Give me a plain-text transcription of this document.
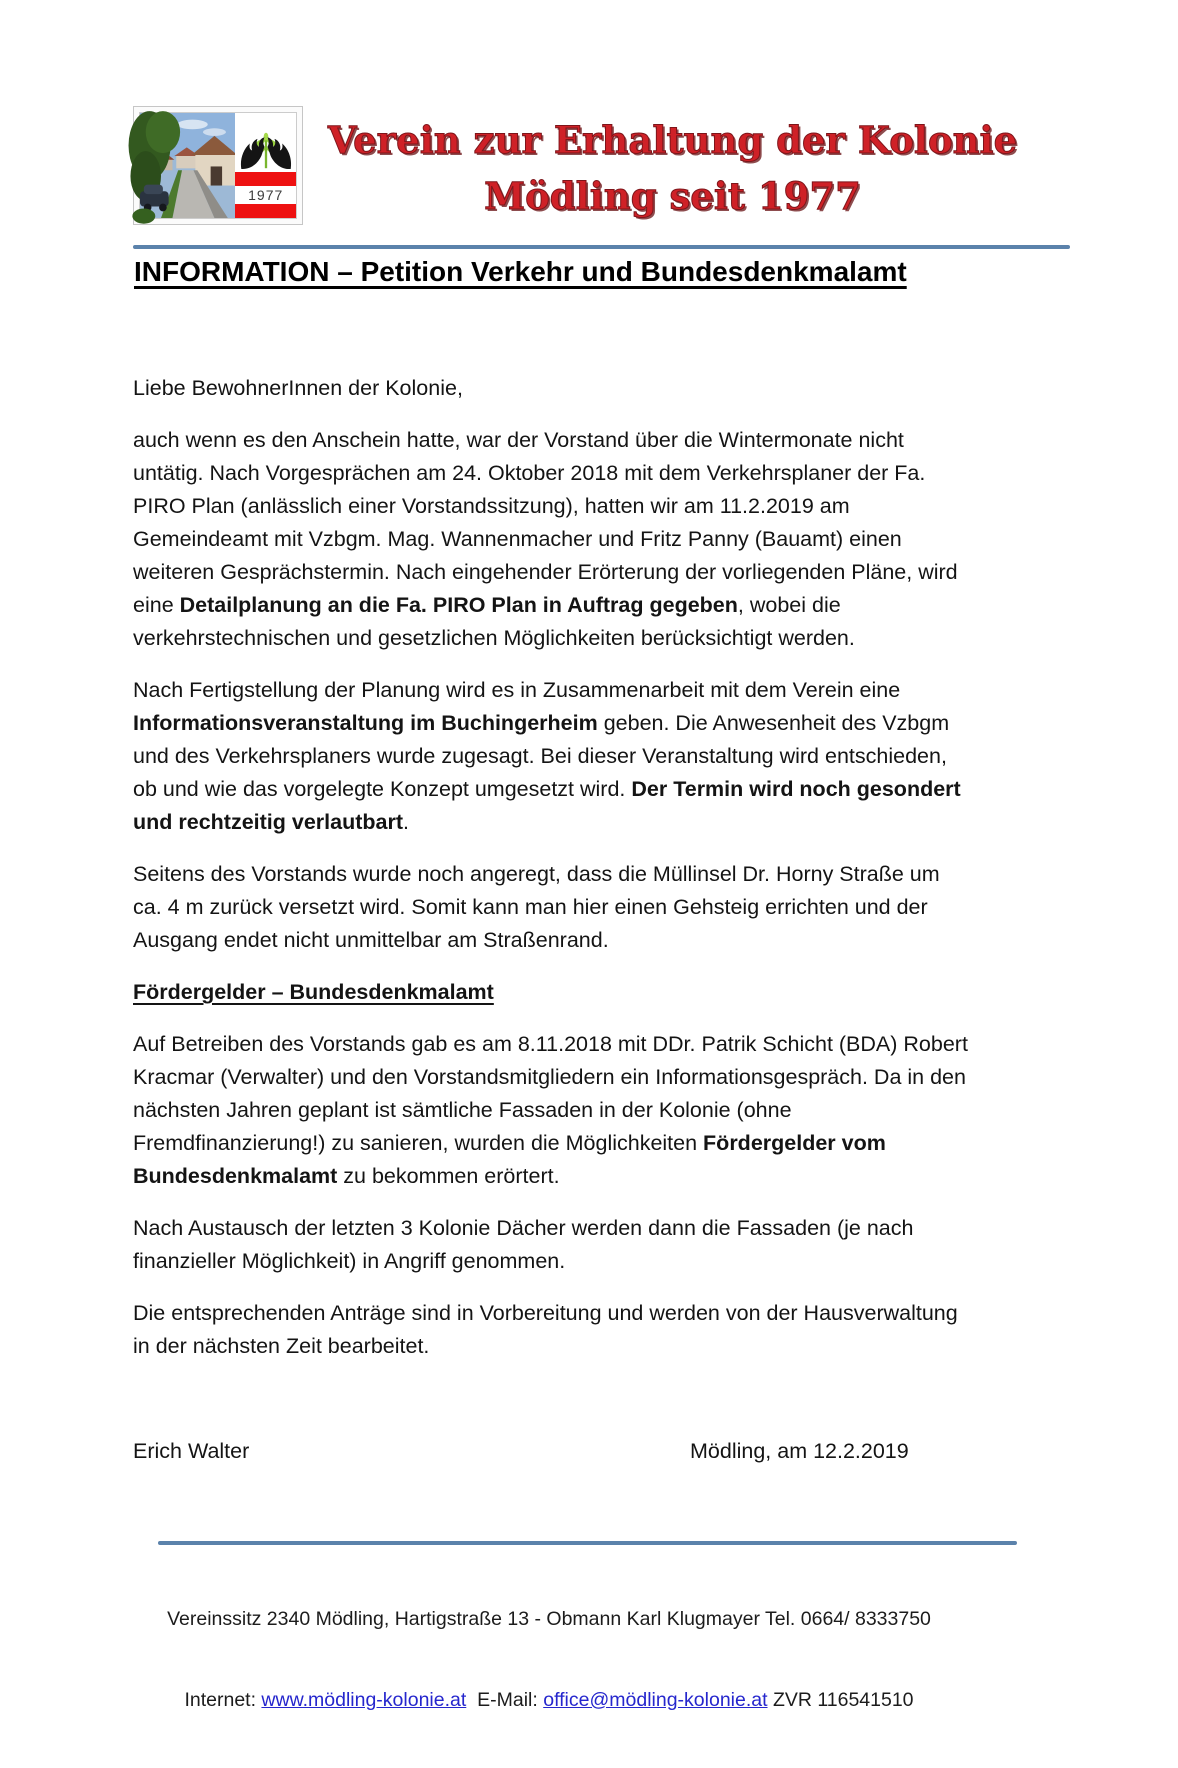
1977
Verein zur Erhaltung der Kolonie
Mödling seit 1977
INFORMATION – Petition Verkehr und Bundesdenkmalamt

Liebe BewohnerInnen der Kolonie,

auch wenn es den Anschein hatte, war der Vorstand über die Wintermonate nicht untätig. Nach Vorgesprächen am 24. Oktober 2018 mit dem Verkehrsplaner der Fa. PIRO Plan (anlässlich einer Vorstandssitzung), hatten wir am 11.2.2019 am Gemeindeamt mit Vzbgm. Mag. Wannenmacher und Fritz Panny (Bauamt) einen weiteren Gesprächstermin. Nach eingehender Erörterung der vorliegenden Pläne, wird eine Detailplanung an die Fa. PIRO Plan in Auftrag gegeben, wobei die verkehrstechnischen und gesetzlichen Möglichkeiten berücksichtigt werden.

Nach Fertigstellung der Planung wird es in Zusammenarbeit mit dem Verein eine Informationsveranstaltung im Buchingerheim geben. Die Anwesenheit des Vzbgm und des Verkehrsplaners wurde zugesagt. Bei dieser Veranstaltung wird entschieden, ob und wie das vorgelegte Konzept umgesetzt wird. Der Termin wird noch gesondert und rechtzeitig verlautbart.

Seitens des Vorstands wurde noch angeregt, dass die Müllinsel Dr. Horny Straße um ca. 4 m zurück versetzt wird. Somit kann man hier einen Gehsteig errichten und der Ausgang endet nicht unmittelbar am Straßenrand.

Fördergelder – Bundesdenkmalamt

Auf Betreiben des Vorstands gab es am 8.11.2018 mit DDr. Patrik Schicht (BDA) Robert Kracmar (Verwalter) und den Vorstandsmitgliedern ein Informationsgespräch. Da in den nächsten Jahren geplant ist sämtliche Fassaden in der Kolonie (ohne Fremdfinanzierung!) zu sanieren, wurden die Möglichkeiten Fördergelder vom Bundesdenkmalamt zu bekommen erörtert.

Nach Austausch der letzten 3 Kolonie Dächer werden dann die Fassaden (je nach finanzieller Möglichkeit) in Angriff genommen.

Die entsprechenden Anträge sind in Vorbereitung und werden von der Hausverwaltung in der nächsten Zeit bearbeitet.

Erich Walter	Mödling, am 12.2.2019

Vereinssitz 2340 Mödling, Hartigstraße 13 - Obmann Karl Klugmayer Tel. 0664/ 8333750

Internet: www.mödling-kolonie.at  E-Mail: office@mödling-kolonie.at ZVR 116541510
